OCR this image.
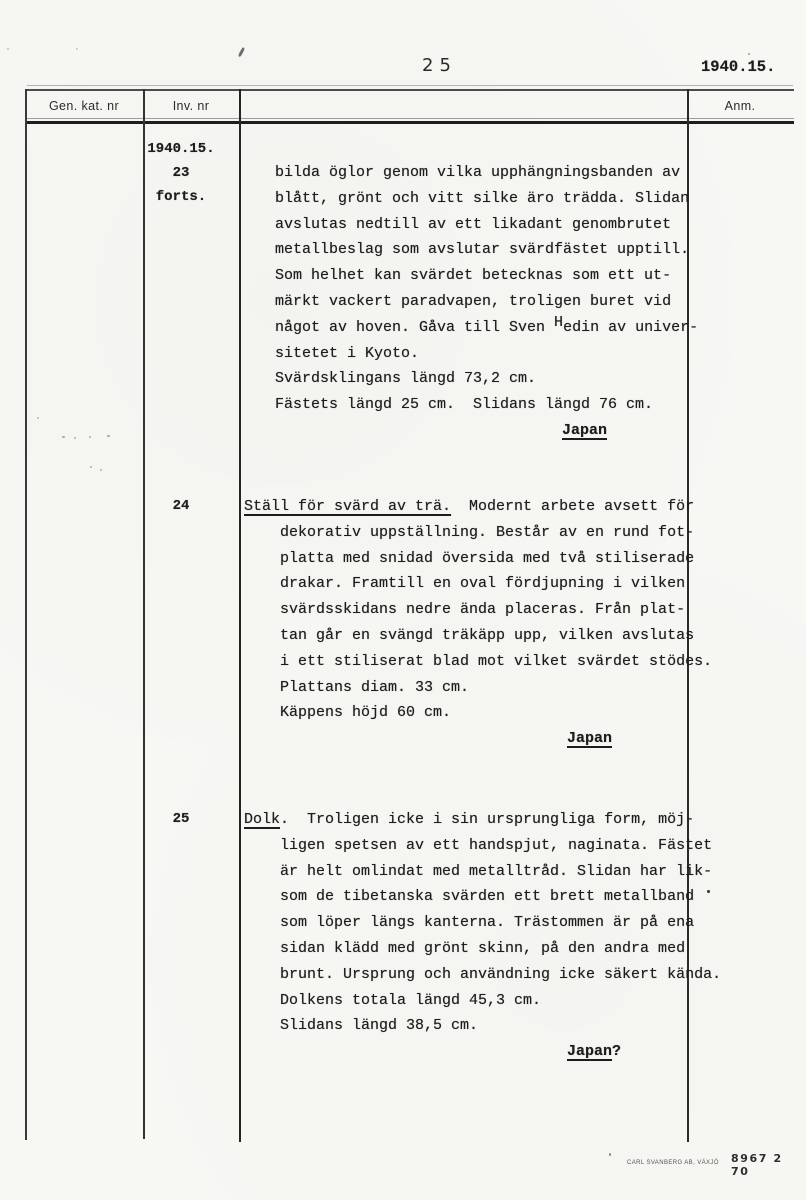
25	1940.15.
Gen. kat. nr	Inv. nr	Anm.
1940.15.
23
forts.
bilda öglor genom vilka upphängningsbanden av
blått, grönt och vitt silke äro trädda. Slidan
avslutas nedtill av ett likadant genombrutet
metallbeslag som avslutar svärdfästet upptill.
Som helhet kan svärdet betecknas som ett ut-
märkt vackert paradvapen, troligen buret vid
något av hoven. Gåva till Sven Hedin av univer-
sitetet i Kyoto.
Svärdsklingans längd 73,2 cm.
Fästets längd 25 cm.  Slidans längd 76 cm.
Japan
24	Ställ för svärd av trä.  Modernt arbete avsett för
dekorativ uppställning. Består av en rund fot-
platta med snidad översida med två stiliserade
drakar. Framtill en oval fördjupning i vilken
svärdsskidans nedre ända placeras. Från plat-
tan går en svängd träkäpp upp, vilken avslutas
i ett stiliserat blad mot vilket svärdet stödes.
Plattans diam. 33 cm.
Käppens höjd 60 cm.
Japan
25	Dolk.  Troligen icke i sin ursprungliga form, möj-
ligen spetsen av ett handspjut, naginata. Fästet
är helt omlindat med metalltråd. Slidan har lik-
som de tibetanska svärden ett brett metallband
som löper längs kanterna. Trästommen är på ena
sidan klädd med grönt skinn, på den andra med
brunt. Ursprung och användning icke säkert kända.
Dolkens totala längd 45,3 cm.
Slidans längd 38,5 cm.
Japan?
CARL SVANBERG AB, VÄXJÖ 8967 2 70
